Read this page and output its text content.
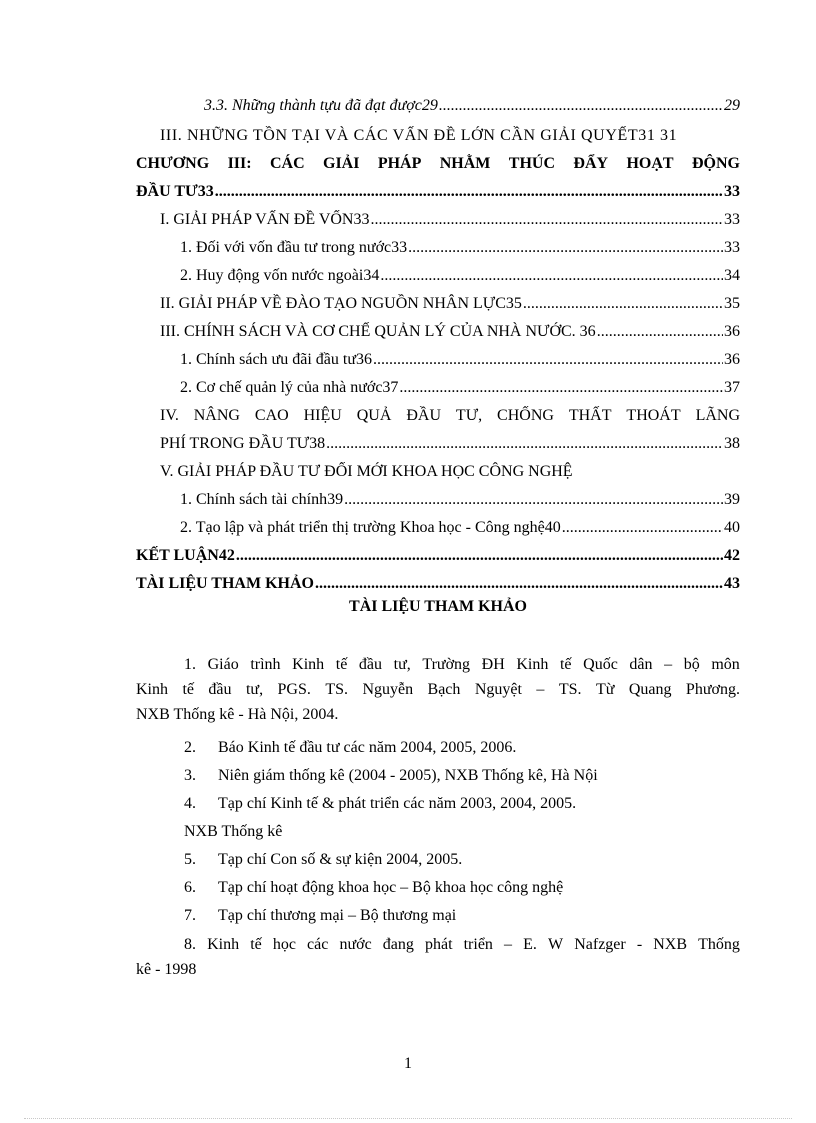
3.3. Những thành tựu đã đạt được29 .....	29
III. NHỮNG TỒN TẠI VÀ CÁC VẤN ĐỀ LỚN CẦN GIẢI QUYẾT31 31
CHƯƠNG III: CÁC GIẢI PHÁP NHẰM THÚC ĐẨY HOẠT ĐỘNG
ĐẦU TƯ33 .....	33
I. GIẢI PHÁP VẤN ĐỀ VỐN33 .....	33
1. Đối với vốn đầu tư trong nước33 .....	33
2. Huy động vốn nước ngoài34 .....	34
II. GIẢI PHÁP VỀ ĐÀO TẠO NGUỒN NHÂN LỰC35 .....	35
III. CHÍNH SÁCH VÀ CƠ CHẾ QUẢN LÝ CỦA NHÀ NƯỚC. 36 .....	36
1. Chính sách ưu đãi đầu tư36 .....	36
2. Cơ chế quản lý của nhà nước37 .....	37
IV. NÂNG CAO HIỆU QUẢ ĐẦU TƯ, CHỐNG THẤT THOÁT LÃNG
PHÍ TRONG ĐẦU TƯ38 .....	38
V. GIẢI PHÁP ĐẦU TƯ ĐỔI MỚI KHOA HỌC CÔNG NGHỆ
1. Chính sách tài chính39 .....	39
2. Tạo lập và phát triển thị trường Khoa học - Công nghệ40 .....	40
KẾT LUẬN42 .....	42
TÀI LIỆU THAM KHẢO .....	43
TÀI LIỆU THAM KHẢO
1. Giáo trình Kinh tế đầu tư, Trường ĐH Kinh tế Quốc dân – bộ môn
Kinh tế đầu tư, PGS. TS. Nguyễn Bạch Nguyệt – TS. Từ Quang Phương.
NXB Thống kê - Hà Nội, 2004.
2. Báo Kinh tế đầu tư các năm 2004, 2005, 2006.
3. Niên giám thống kê (2004 - 2005), NXB Thống kê, Hà Nội
4. Tạp chí Kinh tế & phát triển các năm 2003, 2004, 2005.
NXB Thống kê
5. Tạp chí Con số & sự kiện 2004, 2005.
6. Tạp chí hoạt động khoa học – Bộ khoa học công nghệ
7. Tạp chí thương mại – Bộ thương mại
8. Kinh tế học các nước đang phát triển – E. W Nafzger - NXB Thống
kê - 1998
1
